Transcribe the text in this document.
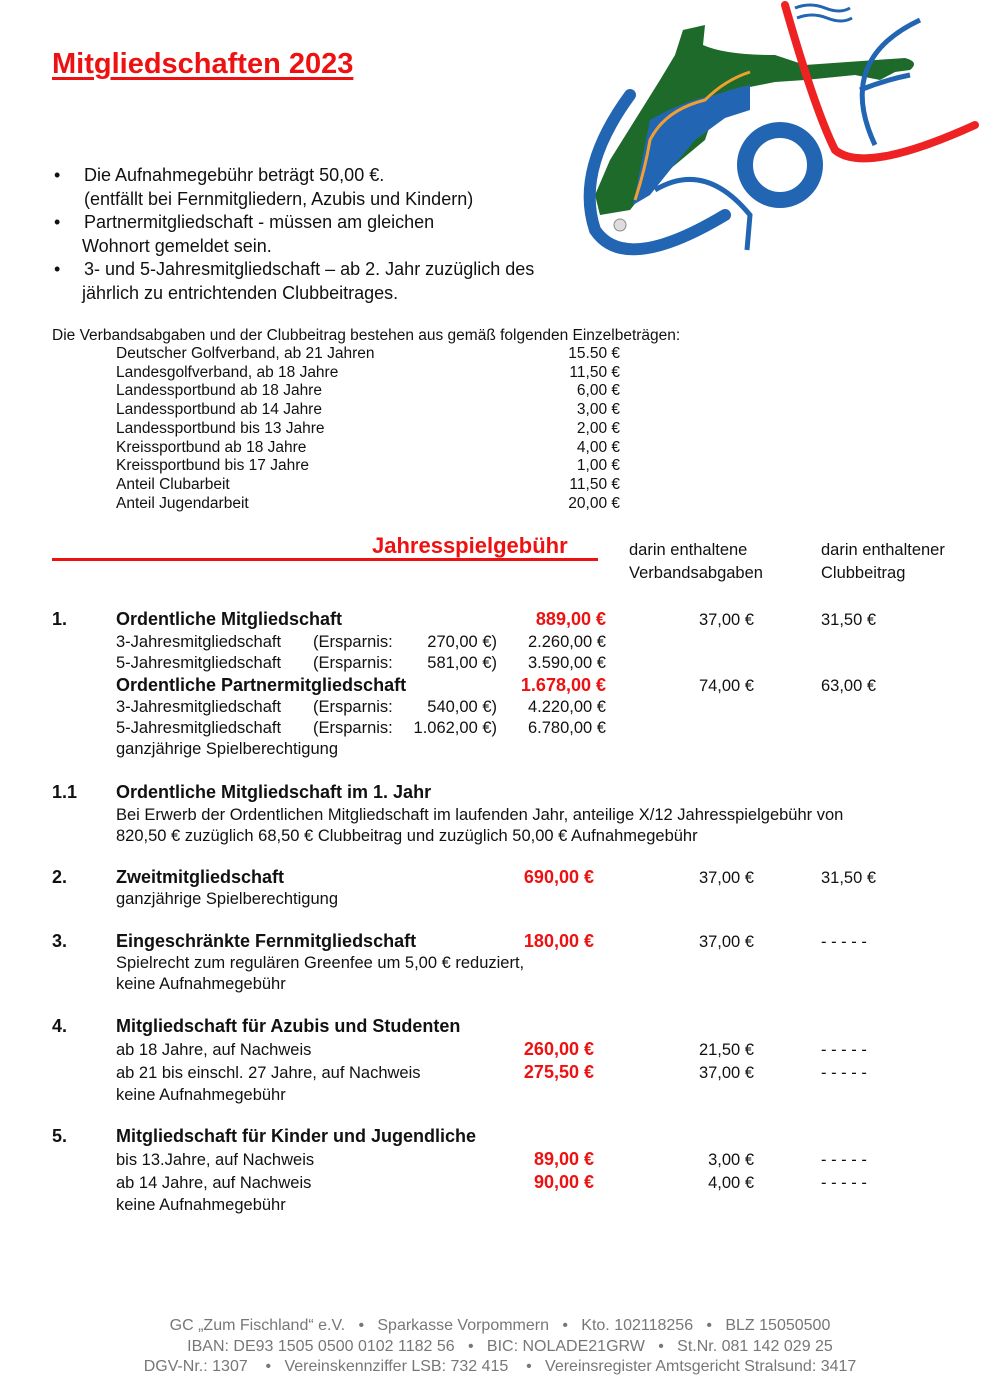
Mitgliedschaften 2023
• Die Aufnahmegebühr beträgt 50,00 €.
(entfällt bei Fernmitgliedern, Azubis und Kindern)
• Partnermitgliedschaft - müssen am gleichen
Wohnort gemeldet sein.
• 3- und 5-Jahresmitgliedschaft – ab 2. Jahr zuzüglich des
jährlich zu entrichtenden Clubbeitrages.
Die Verbandsabgaben und der Clubbeitrag bestehen aus gemäß folgenden Einzelbeträgen:
Deutscher Golfverband, ab 21 Jahren	15.50 €
Landesgolfverband, ab 18 Jahre	11,50 €
Landessportbund ab 18 Jahre	6,00 €
Landessportbund ab 14 Jahre	3,00 €
Landessportbund bis 13 Jahre	2,00 €
Kreissportbund ab 18 Jahre	4,00 €
Kreissportbund bis 17 Jahre	1,00 €
Anteil Clubarbeit	11,50 €
Anteil Jugendarbeit	20,00 €
Jahresspielgebühr	darin enthaltene
Verbandsabgaben
darin enthaltener
Clubbeitrag
1.	Ordentliche Mitgliedschaft	889,00 €	37,00 €	31,50 €
3-Jahresmitgliedschaft (Ersparnis:	270,00 €)	2.260,00 €
5-Jahresmitgliedschaft (Ersparnis:	581,00 €)	3.590,00 €
Ordentliche Partnermitgliedschaft	1.678,00 €	74,00 €	63,00 €
3-Jahresmitgliedschaft (Ersparnis:	540,00 €)	4.220,00 €
5-Jahresmitgliedschaft (Ersparnis:	1.062,00 €)	6.780,00 €
ganzjährige Spielberechtigung
1.1 Ordentliche Mitgliedschaft im 1. Jahr
Bei Erwerb der Ordentlichen Mitgliedschaft im laufenden Jahr, anteilige X/12 Jahresspielgebühr von
820,50 € zuzüglich 68,50 € Clubbeitrag und zuzüglich 50,00 € Aufnahmegebühr
2.	Zweitmitgliedschaft	690,00 €	37,00 €	31,50 €
ganzjährige Spielberechtigung
3.	Eingeschränkte Fernmitgliedschaft	180,00 €	37,00 €	- - - - -
Spielrecht zum regulären Greenfee um 5,00 € reduziert,
keine Aufnahmegebühr
4.	Mitgliedschaft für Azubis und Studenten
ab 18 Jahre, auf Nachweis	260,00 €	21,50 €	- - - - -
ab 21 bis einschl. 27 Jahre, auf Nachweis	275,50 €	37,00 €	- - - - -
keine Aufnahmegebühr
5.	Mitgliedschaft für Kinder und Jugendliche
bis 13.Jahre, auf Nachweis	89,00 €	3,00 €	- - - - -
ab 14 Jahre, auf Nachweis	90,00 €	4,00 €	- - - - -
keine Aufnahmegebühr
GC „Zum Fischland“ e.V.   •   Sparkasse Vorpommern   •   Kto. 102118256   •   BLZ 15050500
IBAN: DE93 1505 0500 0102 1182 56   •   BIC: NOLADE21GRW   •   St.Nr. 081 142 029 25
DGV-Nr.: 1307    •   Vereinskennziffer LSB: 732 415    •   Vereinsregister Amtsgericht Stralsund: 3417
